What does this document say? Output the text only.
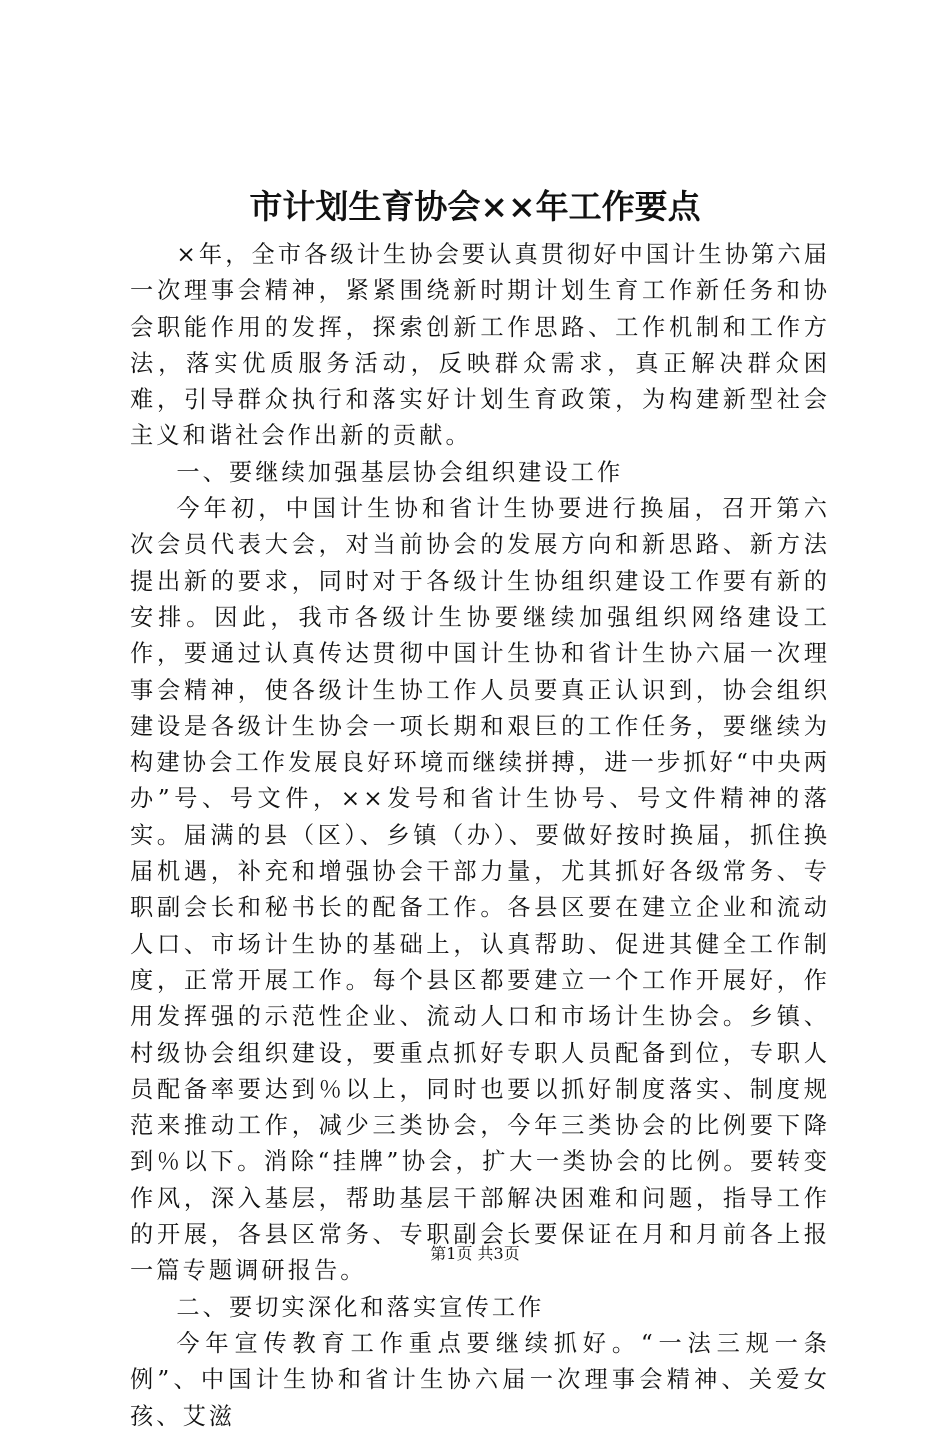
市计划生育协会××年工作要点

×年，全市各级计生协会要认真贯彻好中国计生协第六届一次理事会精神，紧紧围绕新时期计划生育工作新任务和协会职能作用的发挥，探索创新工作思路、工作机制和工作方法，落实优质服务活动，反映群众需求，真正解决群众困难，引导群众执行和落实好计划生育政策，为构建新型社会主义和谐社会作出新的贡献。

一、要继续加强基层协会组织建设工作

今年初，中国计生协和省计生协要进行换届，召开第六次会员代表大会，对当前协会的发展方向和新思路、新方法提出新的要求，同时对于各级计生协组织建设工作要有新的安排。因此，我市各级计生协要继续加强组织网络建设工作，要通过认真传达贯彻中国计生协和省计生协六届一次理事会精神，使各级计生协工作人员要真正认识到，协会组织建设是各级计生协会一项长期和艰巨的工作任务，要继续为构建协会工作发展良好环境而继续拼搏，进一步抓好“中央两办”号、号文件，××发号和省计生协号、号文件精神的落实。届满的县（区）、乡镇（办）、要做好按时换届，抓住换届机遇，补充和增强协会干部力量，尤其抓好各级常务、专职副会长和秘书长的配备工作。各县区要在建立企业和流动人口、市场计生协的基础上，认真帮助、促进其健全工作制度，正常开展工作。每个县区都要建立一个工作开展好，作用发挥强的示范性企业、流动人口和市场计生协会。乡镇、村级协会组织建设，要重点抓好专职人员配备到位，专职人员配备率要达到％以上，同时也要以抓好制度落实、制度规范来推动工作，减少三类协会，今年三类协会的比例要下降到％以下。消除“挂牌”协会，扩大一类协会的比例。要转变作风，深入基层，帮助基层干部解决困难和问题，指导工作的开展，各县区常务、专职副会长要保证在月和月前各上报一篇专题调研报告。

二、要切实深化和落实宣传工作

今年宣传教育工作重点要继续抓好。“一法三规一条例”、中国计生协和省计生协六届一次理事会精神、关爱女孩、艾滋

第1页 共3页
